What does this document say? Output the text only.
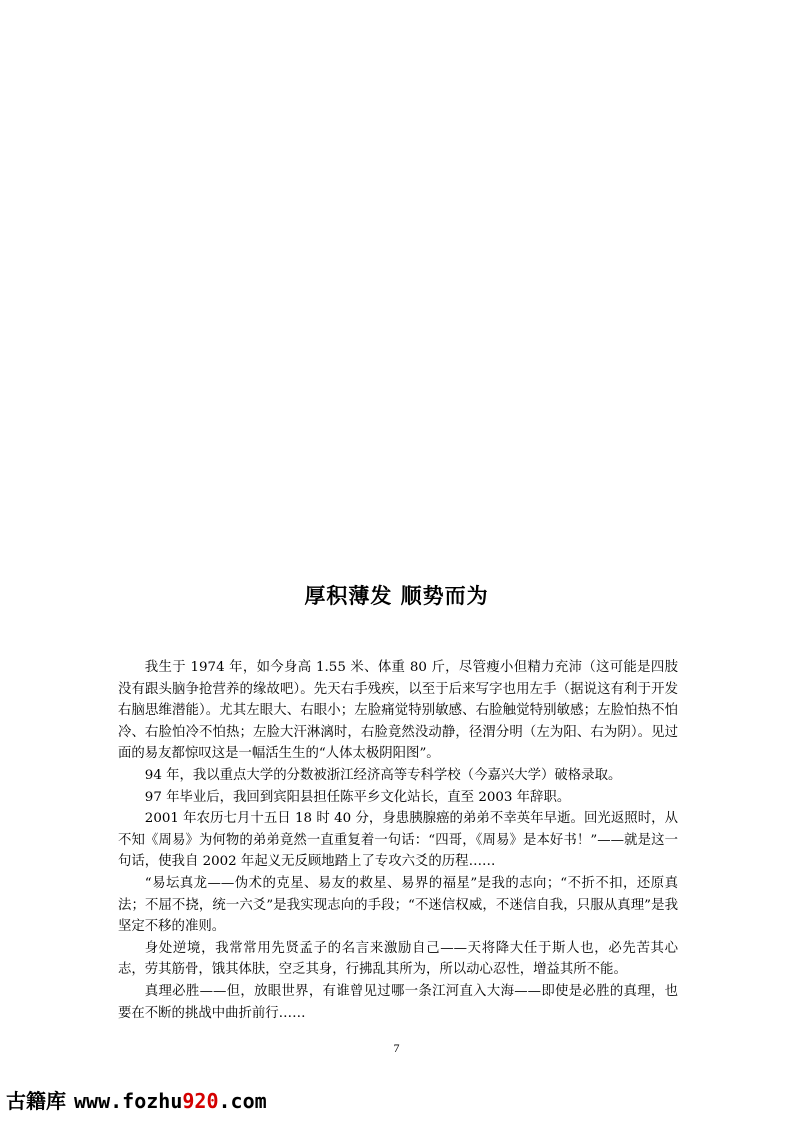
厚积薄发 顺势而为

我生于 1974 年，如今身高 1.55 米、体重 80 斤，尽管瘦小但精力充沛（这可能是四肢没有跟头脑争抢营养的缘故吧）。先天右手残疾，以至于后来写字也用左手（据说这有利于开发右脑思维潜能）。尤其左眼大、右眼小；左脸痛觉特别敏感、右脸触觉特别敏感；左脸怕热不怕冷、右脸怕冷不怕热；左脸大汗淋漓时，右脸竟然没动静，径渭分明（左为阳、右为阴）。见过面的易友都惊叹这是一幅活生生的“人体太极阴阳图”。

94 年，我以重点大学的分数被浙江经济高等专科学校（今嘉兴大学）破格录取。

97 年毕业后，我回到宾阳县担任陈平乡文化站长，直至 2003 年辞职。

2001 年农历七月十五日 18 时 40 分，身患胰腺癌的弟弟不幸英年早逝。回光返照时，从不知《周易》为何物的弟弟竟然一直重复着一句话：“四哥，《周易》是本好书！”——就是这一句话，使我自 2002 年起义无反顾地踏上了专攻六爻的历程……

“易坛真龙——伪术的克星、易友的救星、易界的福星”是我的志向；“不折不扣，还原真法；不屈不挠，统一六爻”是我实现志向的手段；“不迷信权威，不迷信自我，只服从真理”是我坚定不移的准则。

身处逆境，我常常用先贤孟子的名言来激励自己——天将降大任于斯人也，必先苦其心志，劳其筋骨，饿其体肤，空乏其身，行拂乱其所为，所以动心忍性，增益其所不能。

真理必胜——但，放眼世界，有谁曾见过哪一条江河直入大海——即使是必胜的真理，也要在不断的挑战中曲折前行……

7
古籍库 www.fozhu920.com
